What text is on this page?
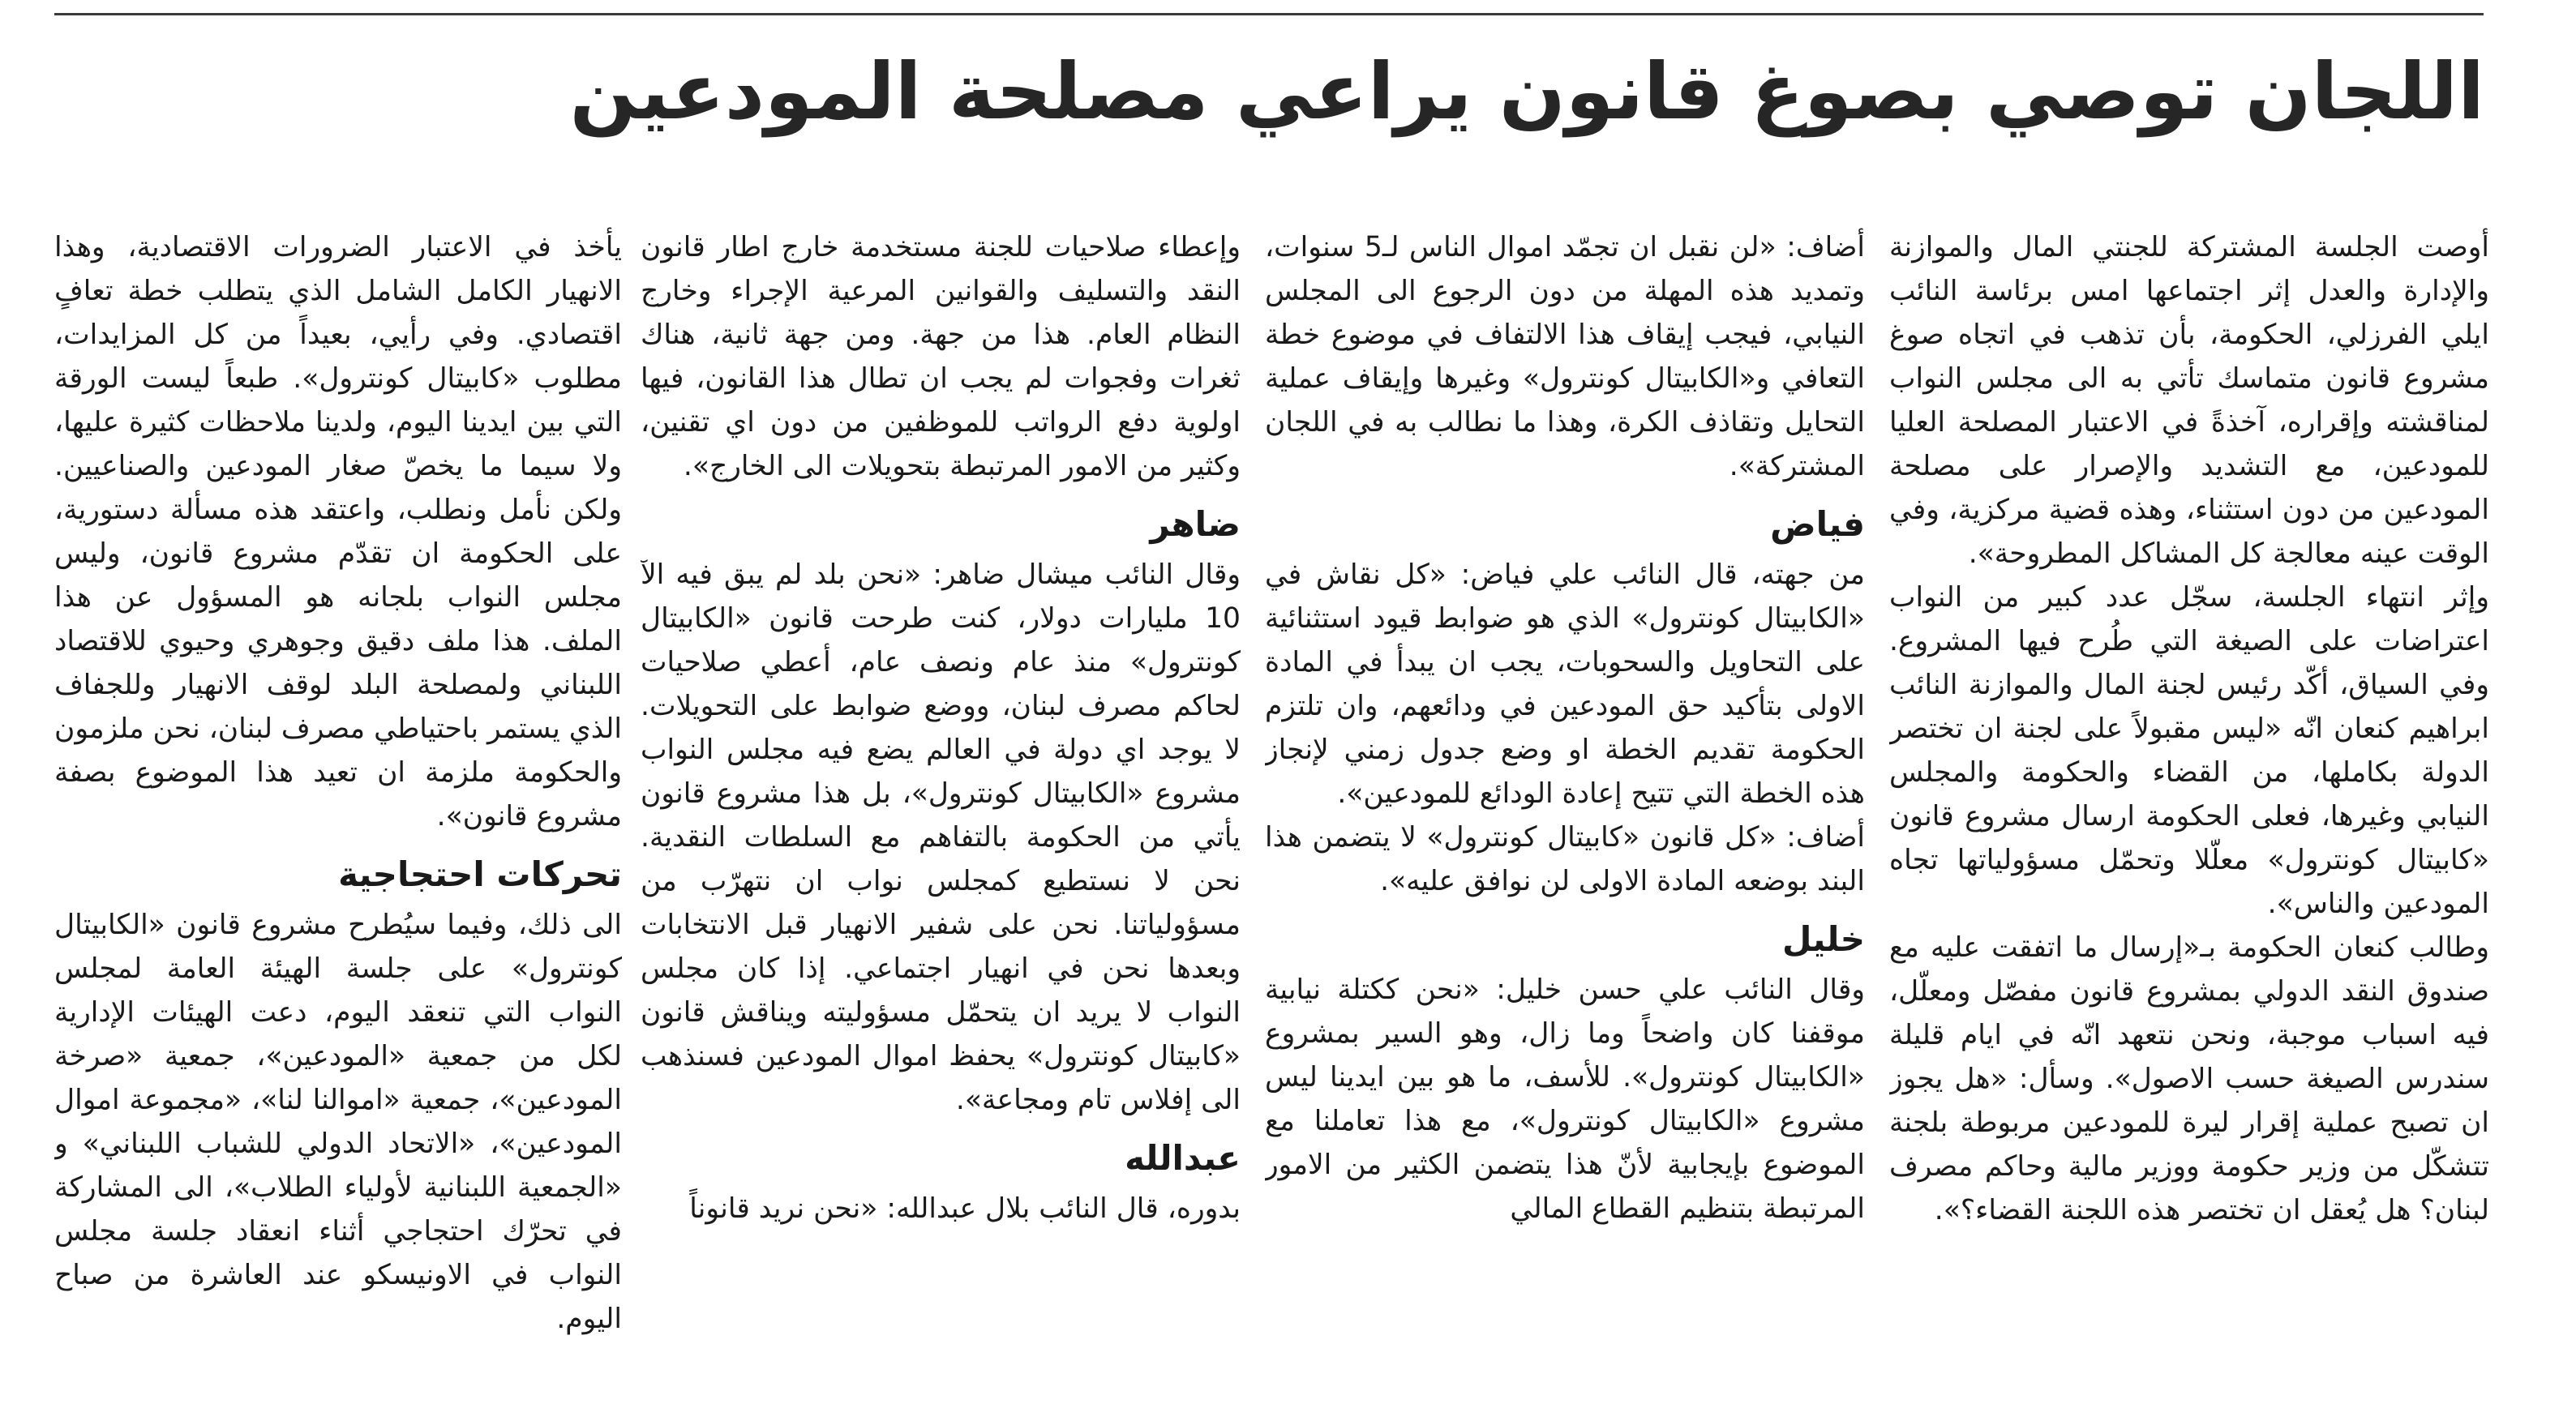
اللجان توصي بصوغ قانون يراعي مصلحة المودعين

أوصت الجلسة المشتركة للجنتي المال والموازنة والإدارة والعدل إثر اجتماعها امس برئاسة النائب ايلي الفرزلي، الحكومة، بأن تذهب في اتجاه صوغ مشروع قانون متماسك تأتي به الى مجلس النواب لمناقشته وإقراره، آخذةً في الاعتبار المصلحة العليا للمودعين، مع التشديد والإصرار على مصلحة المودعين من دون استثناء، وهذه قضية مركزية، وفي الوقت عينه معالجة كل المشاكل المطروحة».

وإثر انتهاء الجلسة، سجّل عدد كبير من النواب اعتراضات على الصيغة التي طُرح فيها المشروع. وفي السياق، أكّد رئيس لجنة المال والموازنة النائب ابراهيم كنعان انّه «ليس مقبولاً على لجنة ان تختصر الدولة بكاملها، من القضاء والحكومة والمجلس النيابي وغيرها، فعلى الحكومة ارسال مشروع قانون «كابيتال كونترول» معلّلا وتحمّل مسؤولياتها تجاه المودعين والناس».

وطالب كنعان الحكومة بـ«إرسال ما اتفقت عليه مع صندوق النقد الدولي بمشروع قانون مفصّل ومعلّل، فيه اسباب موجبة، ونحن نتعهد انّه في ايام قليلة سندرس الصيغة حسب الاصول». وسأل: «هل يجوز ان تصبح عملية إقرار ليرة للمودعين مربوطة بلجنة تتشكّل من وزير حكومة ووزير مالية وحاكم مصرف لبنان؟ هل يُعقل ان تختصر هذه اللجنة القضاء؟».

أضاف: «لن نقبل ان تجمّد اموال الناس لـ5 سنوات، وتمديد هذه المهلة من دون الرجوع الى المجلس النيابي، فيجب إيقاف هذا الالتفاف في موضوع خطة التعافي و«الكابيتال كونترول» وغيرها وإيقاف عملية التحايل وتقاذف الكرة، وهذا ما نطالب به في اللجان المشتركة».

فياض

من جهته، قال النائب علي فياض: «كل نقاش في «الكابيتال كونترول» الذي هو ضوابط قيود استثنائية على التحاويل والسحوبات، يجب ان يبدأ في المادة الاولى بتأكيد حق المودعين في ودائعهم، وان تلتزم الحكومة تقديم الخطة او وضع جدول زمني لإنجاز هذه الخطة التي تتيح إعادة الودائع للمودعين».

أضاف: «كل قانون «كابيتال كونترول» لا يتضمن هذا البند بوضعه المادة الاولى لن نوافق عليه».

خليل

وقال النائب علي حسن خليل: «نحن ككتلة نيابية موقفنا كان واضحاً وما زال، وهو السير بمشروع «الكابيتال كونترول». للأسف، ما هو بين ايدينا ليس مشروع «الكابيتال كونترول»، مع هذا تعاملنا مع الموضوع بإيجابية لأنّ هذا يتضمن الكثير من الامور المرتبطة بتنظيم القطاع المالي

وإعطاء صلاحيات للجنة مستخدمة خارج اطار قانون النقد والتسليف والقوانين المرعية الإجراء وخارج النظام العام. هذا من جهة. ومن جهة ثانية، هناك ثغرات وفجوات لم يجب ان تطال هذا القانون، فيها اولوية دفع الرواتب للموظفين من دون اي تقنين، وكثير من الامور المرتبطة بتحويلات الى الخارج».

ضاهر

وقال النائب ميشال ضاهر: «نحن بلد لم يبق فيه الآ 10 مليارات دولار، كنت طرحت قانون «الكابيتال كونترول» منذ عام ونصف عام، أعطي صلاحيات لحاكم مصرف لبنان، ووضع ضوابط على التحويلات. لا يوجد اي دولة في العالم يضع فيه مجلس النواب مشروع «الكابيتال كونترول»، بل هذا مشروع قانون يأتي من الحكومة بالتفاهم مع السلطات النقدية. نحن لا نستطيع كمجلس نواب ان نتهرّب من مسؤولياتنا. نحن على شفير الانهيار قبل الانتخابات وبعدها نحن في انهيار اجتماعي. إذا كان مجلس النواب لا يريد ان يتحمّل مسؤوليته ويناقش قانون «كابيتال كونترول» يحفظ اموال المودعين فسنذهب الى إفلاس تام ومجاعة».

عبدالله

بدوره، قال النائب بلال عبدالله: «نحن نريد قانوناً

يأخذ في الاعتبار الضرورات الاقتصادية، وهذا الانهيار الكامل الشامل الذي يتطلب خطة تعافٍ اقتصادي. وفي رأيي، بعيداً من كل المزايدات، مطلوب «كابيتال كونترول». طبعاً ليست الورقة التي بين ايدينا اليوم، ولدينا ملاحظات كثيرة عليها، ولا سيما ما يخصّ صغار المودعين والصناعيين. ولكن نأمل ونطلب، واعتقد هذه مسألة دستورية، على الحكومة ان تقدّم مشروع قانون، وليس مجلس النواب بلجانه هو المسؤول عن هذا الملف. هذا ملف دقيق وجوهري وحيوي للاقتصاد اللبناني ولمصلحة البلد لوقف الانهيار وللجفاف الذي يستمر باحتياطي مصرف لبنان، نحن ملزمون والحكومة ملزمة ان تعيد هذا الموضوع بصفة مشروع قانون».

تحركات احتجاجية

الى ذلك، وفيما سيُطرح مشروع قانون «الكابيتال كونترول» على جلسة الهيئة العامة لمجلس النواب التي تنعقد اليوم، دعت الهيئات الإدارية لكل من جمعية «المودعين»، جمعية «صرخة المودعين»، جمعية «اموالنا لنا»، «مجموعة اموال المودعين»، «الاتحاد الدولي للشباب اللبناني» و «الجمعية اللبنانية لأولياء الطلاب»، الى المشاركة في تحرّك احتجاجي أثناء انعقاد جلسة مجلس النواب في الاونيسكو عند العاشرة من صباح اليوم.
